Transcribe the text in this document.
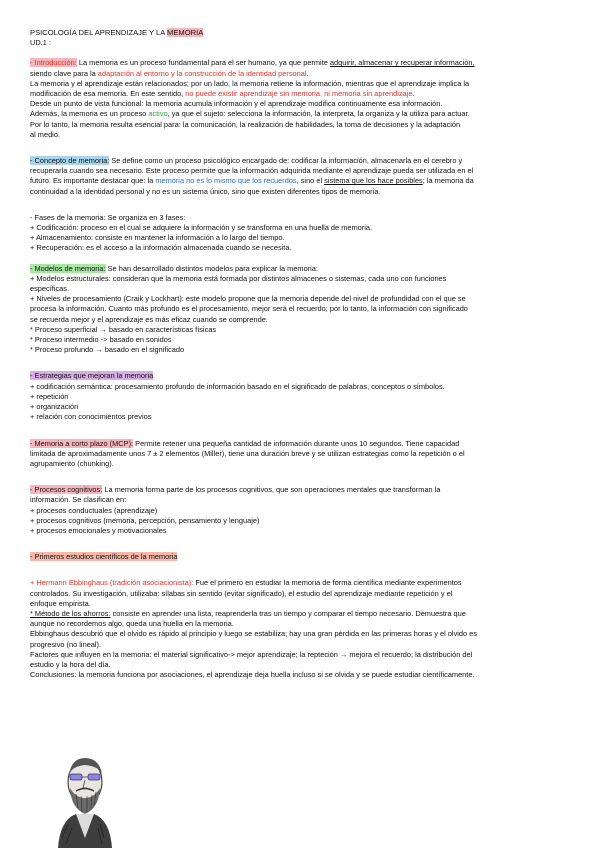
PSICOLOGÍA DEL APRENDIZAJE Y LA MEMORIA

UD.1 :

- Introducción: La memoria es un proceso fundamental para el ser humano, ya que permite adquirir, almacenar y recuperar información,

siendo clave para la adaptación al entorno y la construcción de la identidad personal.

La memoria y el aprendizaje están relacionados; por un lado, la memoria retiene la información, mientras que el aprendizaje implica la

modificación de esa memoria. En este sentido, no puede existir aprendizaje sin memoria, ni memoria sin aprendizaje.

Desde un punto de vista funcional: la memoria acumula información y el aprendizaje modifica continuamente esa información.

Además, la memoria es un proceso activo, ya que el sujeto: selecciona la información, la interpreta, la organiza y la utiliza para actuar.

Por lo tanto, la memoria resulta esencial para: la comunicación, la realización de habilidades, la toma de decisiones y la adaptación

al medio.

- Concepto de memoria: Se define como un proceso psicológico encargado de: codificar la información, almacenarla en el cerebro y

recuperarla cuando sea necesario. Este proceso permite que la información adquirida mediante el aprendizaje pueda ser utilizada en el

futuro. Es importante destacar que: la memoria no es lo mismo que los recuerdos, sino el sistema que los hace posibles; la memoria da

continuidad a la identidad personal y no es un sistema único, sino que existen diferentes tipos de memoria.

- Fases de la memoria: Se organiza en 3 fases:

+ Codificación: proceso en el cual se adquiere la información y se transforma en una huella de memoria.

+ Almacenamiento: consiste en mantener la información a lo largo del tiempo.

+ Recuperación: es el acceso a la información almacenada cuando se necesita.

- Modelos de memoria: Se han desarrollado distintos modelos para explicar la memoria:

+ Modelos estructurales: consideran que la memoria está formada por distintos almacenes o sistemas, cada uno con funciones

específicas.

+ Niveles de procesamiento (Craik y Lockhart): este modelo propone que la memoria depende del nivel de profundidad con el que se

procesa la información. Cuanto más profundo es el procesamiento, mejor será el recuerdo; por lo tanto, la información con significado

se recuerda mejor y el aprendizaje es más eficaz cuando se comprende.

* Proceso superficial → basado en características físicas

* Proceso intermedio -> basado en sonidos

* Proceso profundo → basado en el significado

- Estrategias que mejoran la memoria

+ codificación semántica: procesamiento profundo de información basado en el significado de palabras, conceptos o símbolos.

+ repetición

+ organización

+ relación con conocimientos previos

- Memoria a corto plazo (MCP): Permite retener una pequeña cantidad de información durante unos 10 segundos. Tiene capacidad

limitada de aproximadamente unos 7 ± 2 elementos (Miller), tiene una duración breve y se utilizan estrategias como la repetición o el

agrupamiento (chunking).

- Procesos cognitivos: La memoria forma parte de los procesos cognitivos, que son operaciones mentales que transforman la

información. Se clasifican en:

+ procesos conductuales (aprendizaje)

+ procesos cognitivos (memoria, percepción, pensamiento y lenguaje)

+ procesos emocionales y motivacionales

- Primeros estudios científicos de la memoria

+ Hermann Ebbinghaus (tradición asociacionista): Fue el primero en estudiar la memoria de forma científica mediante experimentos

controlados. Su investigación, utilizaba: sílabas sin sentido (evitar significado), el estudio del aprendizaje mediante repetición y el

enfoque empirista.

* Método de los ahorros: consiste en aprender una lista, reaprenderla tras un tiempo y comparar el tiempo necesario. Demuestra que

aunque no recordemos algo, queda una huella en la memoria.

Ebbinghaus descubrió que el olvido es rápido al principio y luego se estabiliza; hay una gran pérdida en las primeras horas y el olvido es

progresivo (no lineal).

Factores que influyen en la memoria: el material significativo-> mejor aprendizaje; la repteción → mejora el recuerdo; la distribución del

estudio y la hora del día.

Conclusiones: la memoria funciona por asociaciones, el aprendizaje deja huella incluso si se olvida y se puede estudiar científicamente.
